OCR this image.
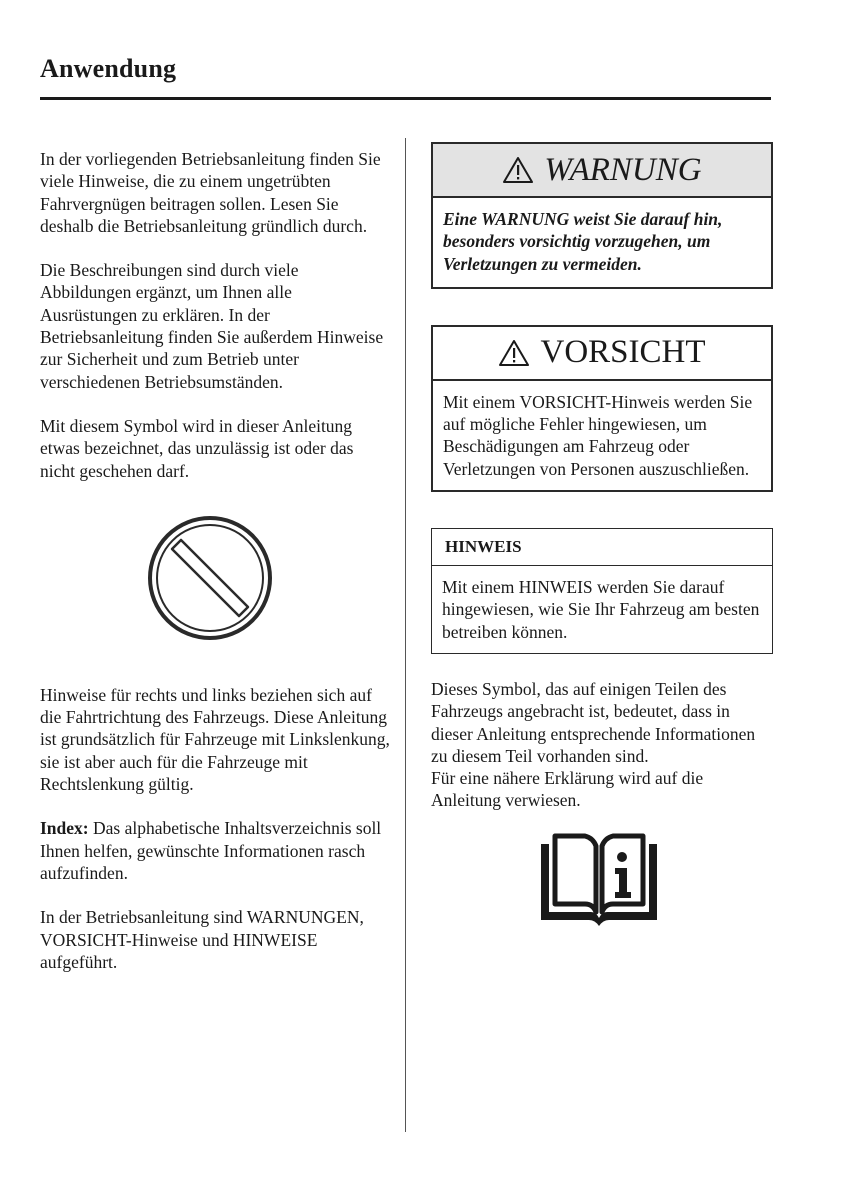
Anwendung

In der vorliegenden Betriebsanleitung finden Sie viele Hinweise, die zu einem ungetrübten Fahrvergnügen beitragen sollen. Lesen Sie deshalb die Betriebsanleitung gründlich durch.

Die Beschreibungen sind durch viele Abbildungen ergänzt, um Ihnen alle Ausrüstungen zu erklären. In der Betriebsanleitung finden Sie außerdem Hinweise zur Sicherheit und zum Betrieb unter verschiedenen Betriebsumständen.

Mit diesem Symbol wird in dieser Anleitung etwas bezeichnet, das unzulässig ist oder das nicht geschehen darf.

Hinweise für rechts und links beziehen sich auf die Fahrtrichtung des Fahrzeugs. Diese Anleitung ist grundsätzlich für Fahrzeuge mit Linkslenkung, sie ist aber auch für die Fahrzeuge mit Rechtslenkung gültig.

Index: Das alphabetische Inhaltsverzeichnis soll Ihnen helfen, gewünschte Informationen rasch aufzufinden.

In der Betriebsanleitung sind WARNUNGEN, VORSICHT-Hinweise und HINWEISE aufgeführt.

WARNUNG
Eine WARNUNG weist Sie darauf hin, besonders vorsichtig vorzugehen, um Verletzungen zu vermeiden.
VORSICHT
Mit einem VORSICHT-Hinweis werden Sie auf mögliche Fehler hingewiesen, um Beschädigungen am Fahrzeug oder Verletzungen von Personen auszuschließen.
HINWEIS
Mit einem HINWEIS werden Sie darauf hingewiesen, wie Sie Ihr Fahrzeug am besten betreiben können.

Dieses Symbol, das auf einigen Teilen des Fahrzeugs angebracht ist, bedeutet, dass in dieser Anleitung entsprechende Informationen zu diesem Teil vorhanden sind.
Für eine nähere Erklärung wird auf die Anleitung verwiesen.
